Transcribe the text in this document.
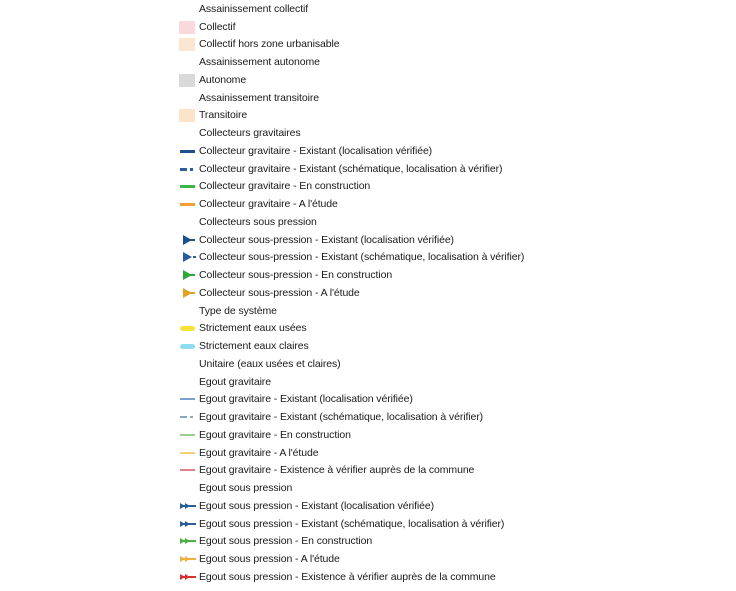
Assainissement collectif
Collectif
Collectif hors zone urbanisable
Assainissement autonome
Autonome
Assainissement transitoire
Transitoire
Collecteurs gravitaires
Collecteur gravitaire - Existant (localisation vérifiée)
Collecteur gravitaire - Existant (schématique, localisation à vérifier)
Collecteur gravitaire - En construction
Collecteur gravitaire - A l'étude
Collecteurs sous pression
Collecteur sous-pression - Existant (localisation vérifiée)
Collecteur sous-pression - Existant (schématique, localisation à vérifier)
Collecteur sous-pression - En construction
Collecteur sous-pression - A l'étude
Type de système
Strictement eaux usées
Strictement eaux claires
Unitaire (eaux usées et claires)
Egout gravitaire
Egout gravitaire - Existant (localisation vérifiée)
Egout gravitaire - Existant (schématique, localisation à vérifier)
Egout gravitaire - En construction
Egout gravitaire - A l'étude
Egout gravitaire - Existence à vérifier auprès de la commune
Egout sous pression
Egout sous pression - Existant (localisation vérifiée)
Egout sous pression - Existant (schématique, localisation à vérifier)
Egout sous pression - En construction
Egout sous pression - A l'étude
Egout sous pression - Existence à vérifier auprès de la commune
